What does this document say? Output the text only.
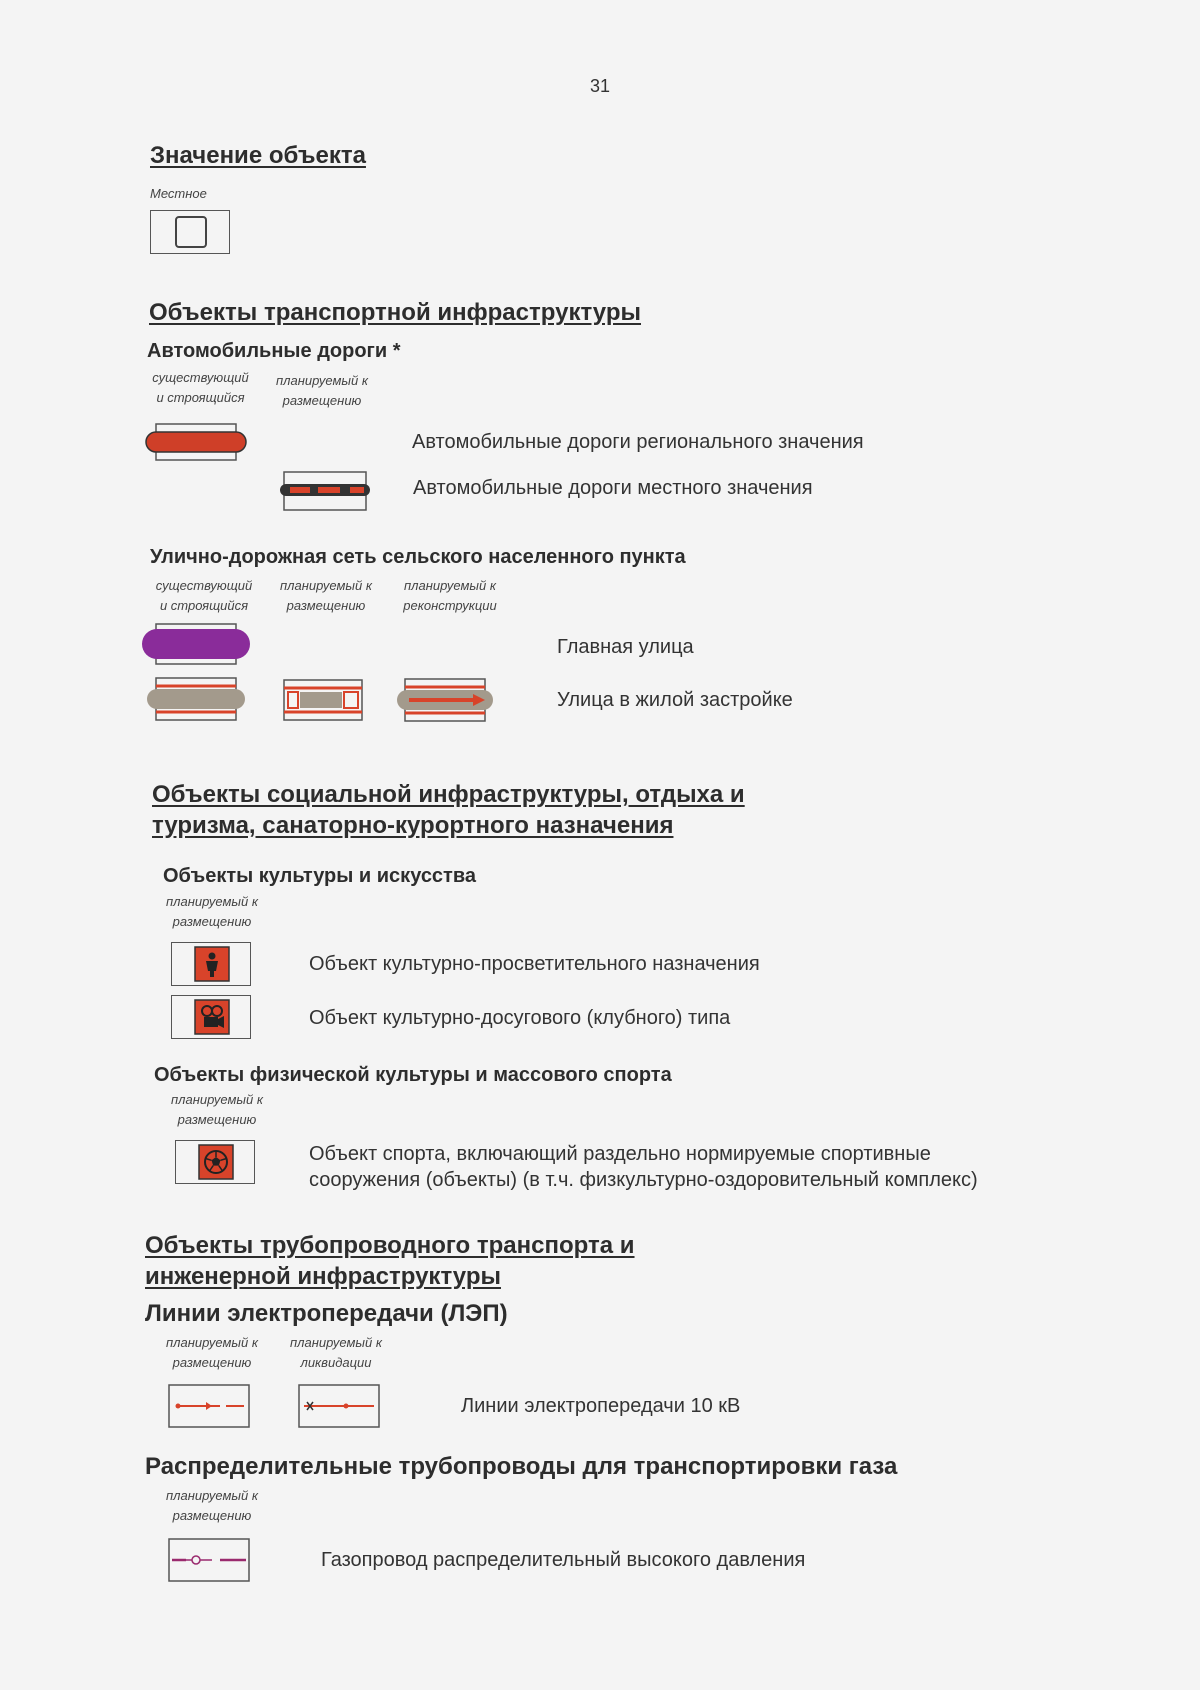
31
Значение объекта
Местное
Объекты транспортной инфраструктуры
Автомобильные дороги *
существующий
и строящийся
планируемый к
размещению
Автомобильные дороги регионального значения
Автомобильные дороги местного значения
Улично-дорожная сеть сельского населенного пункта
существующий
и строящийся
планируемый к
размещению
планируемый к
реконструкции
Главная улица
Улица в жилой застройке
Объекты социальной инфраструктуры, отдыха и
туризма, санаторно-курортного назначения
Объекты культуры и искусства
планируемый к
размещению
Объект культурно-просветительного назначения
Объект культурно-досугового (клубного) типа
Объекты физической культуры и массового спорта
планируемый к
размещению
Объект спорта, включающий раздельно нормируемые спортивные
сооружения (объекты) (в т.ч. физкультурно-оздоровительный комплекс)
Объекты трубопроводного транспорта и
инженерной инфраструктуры
Линии электропередачи (ЛЭП)
планируемый к
размещению
планируемый к
ликвидации
Линии электропередачи 10 кВ
Распределительные трубопроводы для транспортировки газа
планируемый к
размещению
Газопровод распределительный высокого давления
